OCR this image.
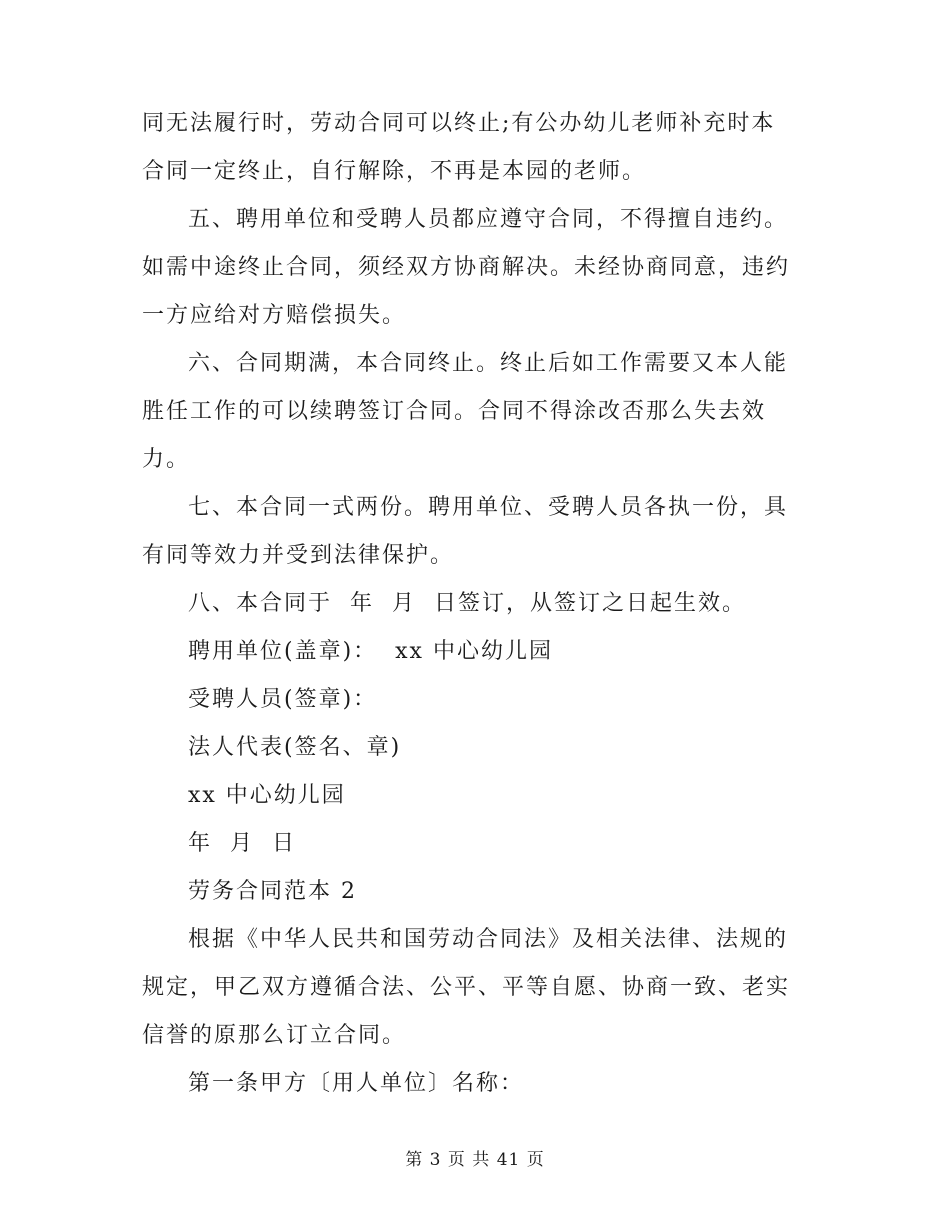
同无法履行时，劳动合同可以终止;有公办幼儿老师补充时本
合同一定终止，自行解除，不再是本园的老师。
五、聘用单位和受聘人员都应遵守合同，不得擅自违约。
如需中途终止合同，须经双方协商解决。未经协商同意，违约
一方应给对方赔偿损失。
六、合同期满，本合同终止。终止后如工作需要又本人能
胜任工作的可以续聘签订合同。合同不得涂改否那么失去效
力。
七、本合同一式两份。聘用单位、受聘人员各执一份，具
有同等效力并受到法律保护。
八、本合同于  年  月  日签订，从签订之日起生效。
聘用单位(盖章)：  xx 中心幼儿园
受聘人员(签章)：
法人代表(签名、章)
xx 中心幼儿园
年  月  日
劳务合同范本 2
根据《中华人民共和国劳动合同法》及相关法律、法规的
规定，甲乙双方遵循合法、公平、平等自愿、协商一致、老实
信誉的原那么订立合同。
第一条甲方〔用人单位〕名称：
第 3 页 共 41 页
